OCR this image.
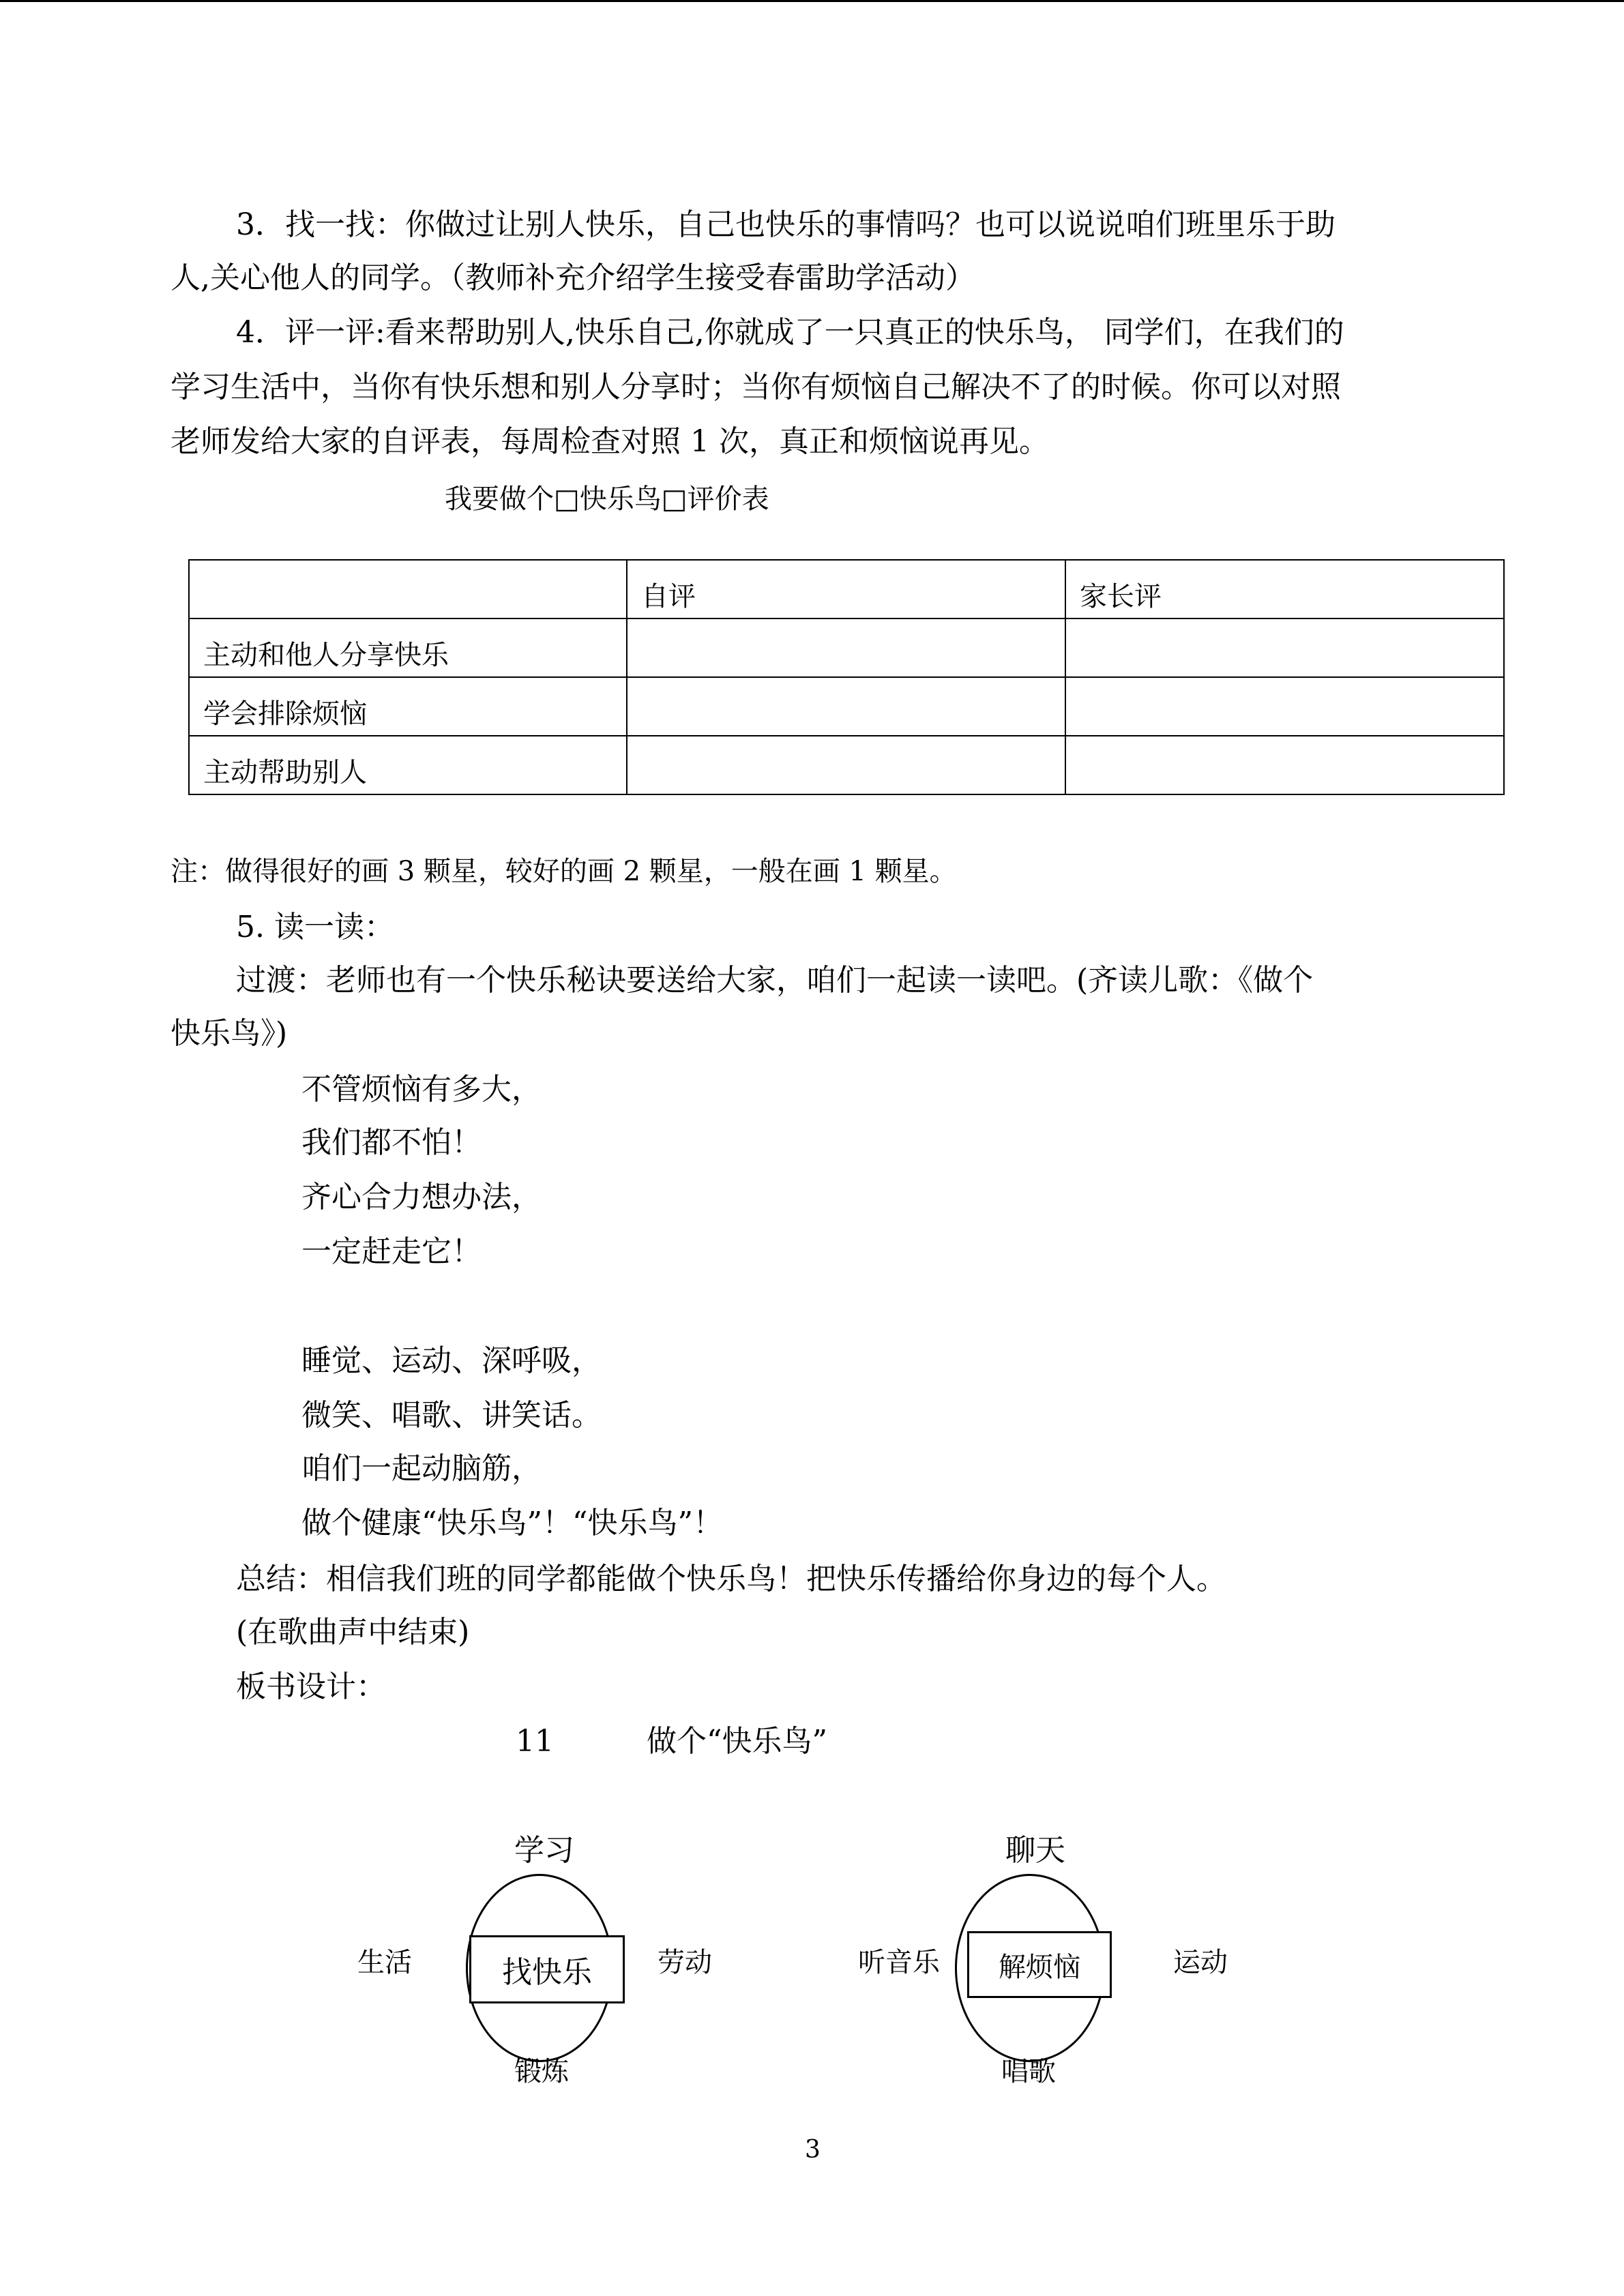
3．找一找：你做过让别人快乐，自己也快乐的事情吗？也可以说说咱们班里乐于助
人,关心他人的同学。（教师补充介绍学生接受春雷助学活动）
4．评一评:看来帮助别人,快乐自己,你就成了一只真正的快乐鸟， 同学们，在我们的
学习生活中，当你有快乐想和别人分享时；当你有烦恼自己解决不了的时候。你可以对照
老师发给大家的自评表，每周检查对照 1 次，真正和烦恼说再见。
我要做个□快乐鸟□评价表
	自评	家长评
主动和他人分享快乐		
学会排除烦恼		
主动帮助别人		
注：做得很好的画 3 颗星，较好的画 2 颗星，一般在画 1 颗星。
5. 读一读：
过渡：老师也有一个快乐秘诀要送给大家，咱们一起读一读吧。(齐读儿歌：《做个
快乐鸟》)
不管烦恼有多大，
我们都不怕！
齐心合力想办法，
一定赶走它！
睡觉、运动、深呼吸，
微笑、唱歌、讲笑话。
咱们一起动脑筋，
做个健康“快乐鸟”！“快乐鸟”！
总结：相信我们班的同学都能做个快乐鸟！把快乐传播给你身边的每个人。
(在歌曲声中结束)
板书设计：
11	做个“快乐鸟”
学习
找快乐
生活	劳动
锻炼
聊天
解烦恼
听音乐	运动
唱歌
3
